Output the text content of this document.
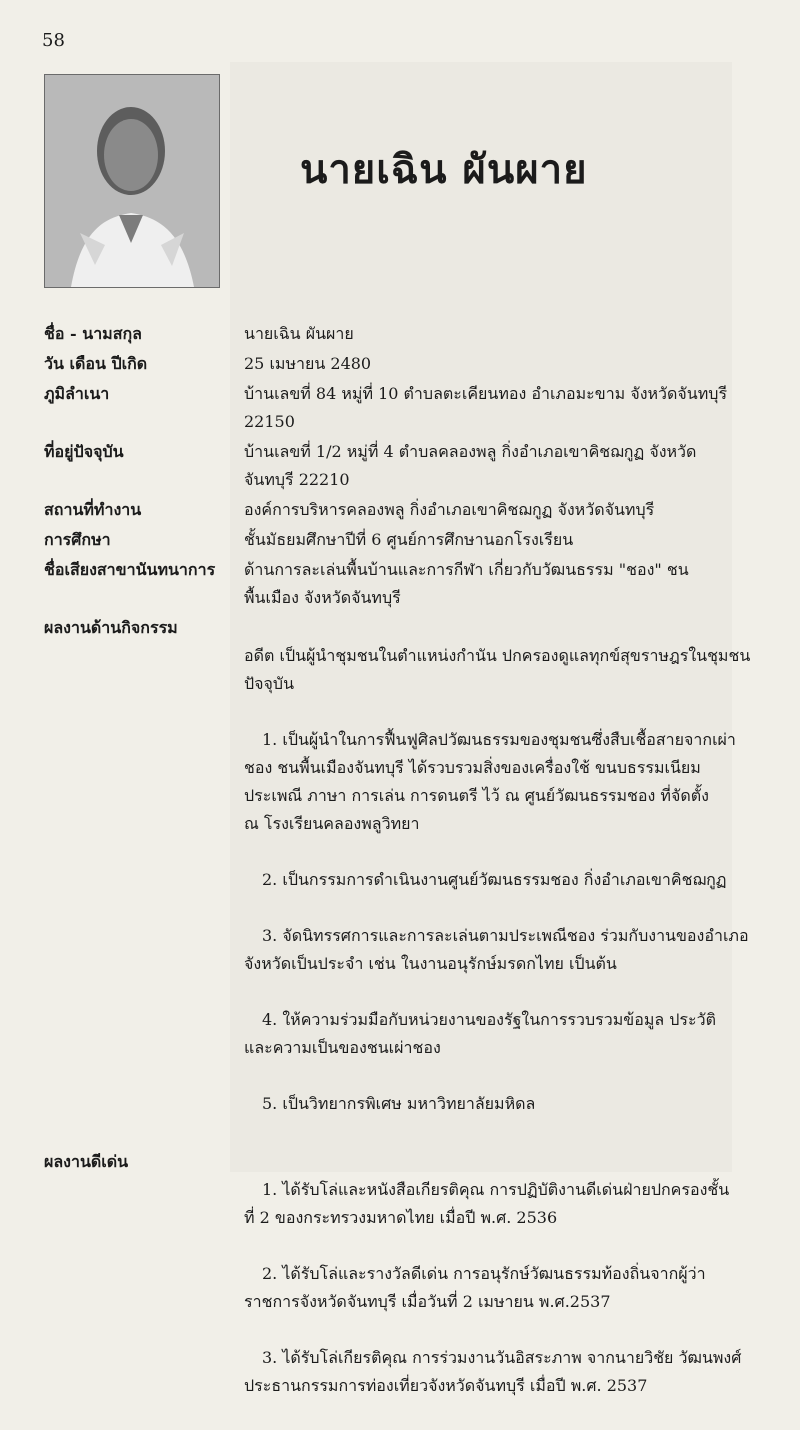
58
นายเฉิน ผันผาย
ชื่อ - นามสกุล	นายเฉิน ผันผาย
วัน เดือน ปีเกิด	25 เมษายน 2480
ภูมิลำเนา	บ้านเลขที่ 84 หมู่ที่ 10 ตำบลตะเคียนทอง อำเภอมะขาม จังหวัดจันทบุรี
22150
ที่อยู่ปัจจุบัน	บ้านเลขที่ 1/2 หมู่ที่ 4 ตำบลคลองพลู กิ่งอำเภอเขาคิชฌกูฏ จังหวัด
จันทบุรี 22210
สถานที่ทำงาน	องค์การบริหารคลองพลู กิ่งอำเภอเขาคิชฌกูฏ จังหวัดจันทบุรี
การศึกษา	ชั้นมัธยมศึกษาปีที่ 6 ศูนย์การศึกษานอกโรงเรียน
ชื่อเสียงสาขานันทนาการ	ด้านการละเล่นพื้นบ้านและการกีฬา เกี่ยวกับวัฒนธรรม "ชอง" ชน
พื้นเมือง จังหวัดจันทบุรี
ผลงานด้านกิจกรรม

อดีต เป็นผู้นำชุมชนในตำแหน่งกำนัน ปกครองดูแลทุกข์สุขราษฎรในชุมชน
ปัจจุบัน

1. เป็นผู้นำในการฟื้นฟูศิลปวัฒนธรรมของชุมชนซึ่งสืบเชื้อสายจากเผ่า
ชอง ชนพื้นเมืองจันทบุรี ได้รวบรวมสิ่งของเครื่องใช้ ขนบธรรมเนียม
ประเพณี ภาษา การเล่น การดนตรี ไว้ ณ ศูนย์วัฒนธรรมชอง ที่จัดตั้ง
ณ โรงเรียนคลองพลูวิทยา

2. เป็นกรรมการดำเนินงานศูนย์วัฒนธรรมชอง กิ่งอำเภอเขาคิชฌกูฏ

3. จัดนิทรรศการและการละเล่นตามประเพณีชอง ร่วมกับงานของอำเภอ
จังหวัดเป็นประจำ เช่น ในงานอนุรักษ์มรดกไทย เป็นต้น

4. ให้ความร่วมมือกับหน่วยงานของรัฐในการรวบรวมข้อมูล ประวัติ
และความเป็นของชนเผ่าชอง

5. เป็นวิทยากรพิเศษ มหาวิทยาลัยมหิดล

ผลงานดีเด่น

1. ได้รับโล่และหนังสือเกียรติคุณ การปฏิบัติงานดีเด่นฝ่ายปกครองชั้น
ที่ 2 ของกระทรวงมหาดไทย เมื่อปี พ.ศ. 2536

2. ได้รับโล่และรางวัลดีเด่น การอนุรักษ์วัฒนธรรมท้องถิ่นจากผู้ว่า
ราชการจังหวัดจันทบุรี เมื่อวันที่ 2 เมษายน พ.ศ.2537

3. ได้รับโล่เกียรติคุณ การร่วมงานวันอิสระภาพ จากนายวิชัย วัฒนพงศ์
ประธานกรรมการท่องเที่ยวจังหวัดจันทบุรี เมื่อปี พ.ศ. 2537
